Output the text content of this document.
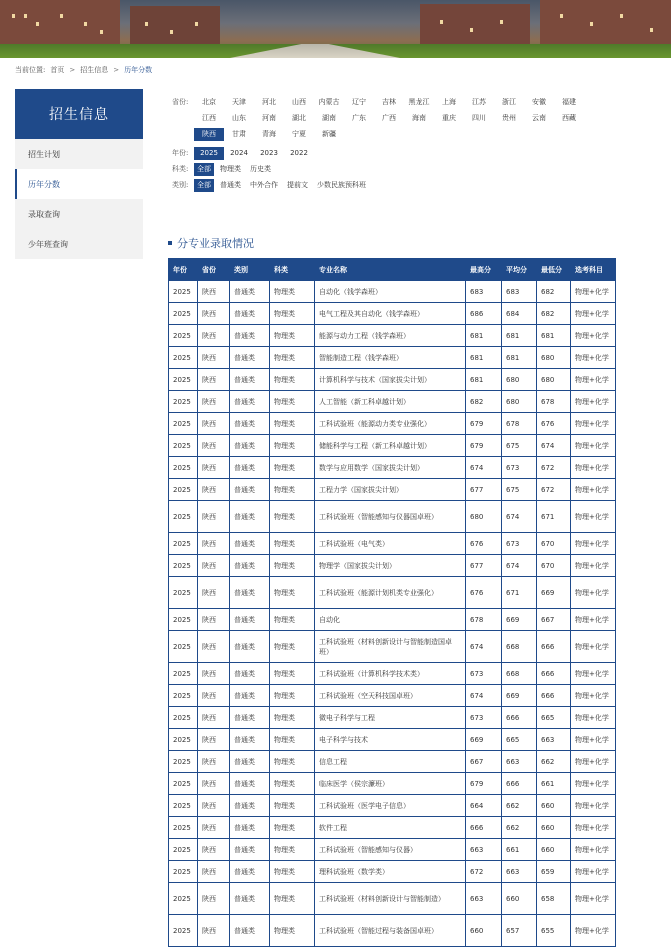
当前位置: 首页 > 招生信息 > 历年分数
招生信息
招生计划
历年分数
录取查询
少年班查询
省份:	北京	天津	河北	山西	内蒙古	辽宁	吉林	黑龙江	上海	江苏	浙江	安徽	福建
江西	山东	河南	湖北	湖南	广东	广西	海南	重庆	四川	贵州	云南	西藏
陕西	甘肃	青海	宁夏	新疆
年份:	2025	2024	2023	2022
科类:	全部	物理类	历史类
类别:	全部	普通类	中外合作	提前文	少数民族预科班
分专业录取情况
年份	省份	类别	科类	专业名称	最高分	平均分	最低分	选考科目
2025	陕西	普通类	物理类	自动化（钱学森班）	683	683	682	物理+化学
2025	陕西	普通类	物理类	电气工程及其自动化（钱学森班）	686	684	682	物理+化学
2025	陕西	普通类	物理类	能源与动力工程（钱学森班）	681	681	681	物理+化学
2025	陕西	普通类	物理类	智能制造工程（钱学森班）	681	681	680	物理+化学
2025	陕西	普通类	物理类	计算机科学与技术（国家拔尖计划）	681	680	680	物理+化学
2025	陕西	普通类	物理类	人工智能（新工科卓越计划）	682	680	678	物理+化学
2025	陕西	普通类	物理类	工科试验班（能源动力类专业强化）	679	678	676	物理+化学
2025	陕西	普通类	物理类	储能科学与工程（新工科卓越计划）	679	675	674	物理+化学
2025	陕西	普通类	物理类	数学与应用数学（国家拔尖计划）	674	673	672	物理+化学
2025	陕西	普通类	物理类	工程力学（国家拔尖计划）	677	675	672	物理+化学
2025	陕西	普通类	物理类	工科试验班（智能感知与仪器国卓班）	680	674	671	物理+化学
2025	陕西	普通类	物理类	工科试验班（电气类）	676	673	670	物理+化学
2025	陕西	普通类	物理类	物理学（国家拔尖计划）	677	674	670	物理+化学
2025	陕西	普通类	物理类	工科试验班（能源计划机类专业强化）	676	671	669	物理+化学
2025	陕西	普通类	物理类	自动化	678	669	667	物理+化学
2025	陕西	普通类	物理类	工科试验班（材料创新设计与智能制造国卓班）	674	668	666	物理+化学
2025	陕西	普通类	物理类	工科试验班（计算机科学技术类）	673	668	666	物理+化学
2025	陕西	普通类	物理类	工科试验班（空天科技国卓班）	674	669	666	物理+化学
2025	陕西	普通类	物理类	微电子科学与工程	673	666	665	物理+化学
2025	陕西	普通类	物理类	电子科学与技术	669	665	663	物理+化学
2025	陕西	普通类	物理类	信息工程	667	663	662	物理+化学
2025	陕西	普通类	物理类	临床医学（侯宗濂班）	679	666	661	物理+化学
2025	陕西	普通类	物理类	工科试验班（医学电子信息）	664	662	660	物理+化学
2025	陕西	普通类	物理类	软件工程	666	662	660	物理+化学
2025	陕西	普通类	物理类	工科试验班（智能感知与仪器）	663	661	660	物理+化学
2025	陕西	普通类	物理类	理科试验班（数学类）	672	663	659	物理+化学
2025	陕西	普通类	物理类	工科试验班（材料创新设计与智能制造）	663	660	658	物理+化学
2025	陕西	普通类	物理类	工科试验班（智能过程与装备国卓班）	660	657	655	物理+化学
